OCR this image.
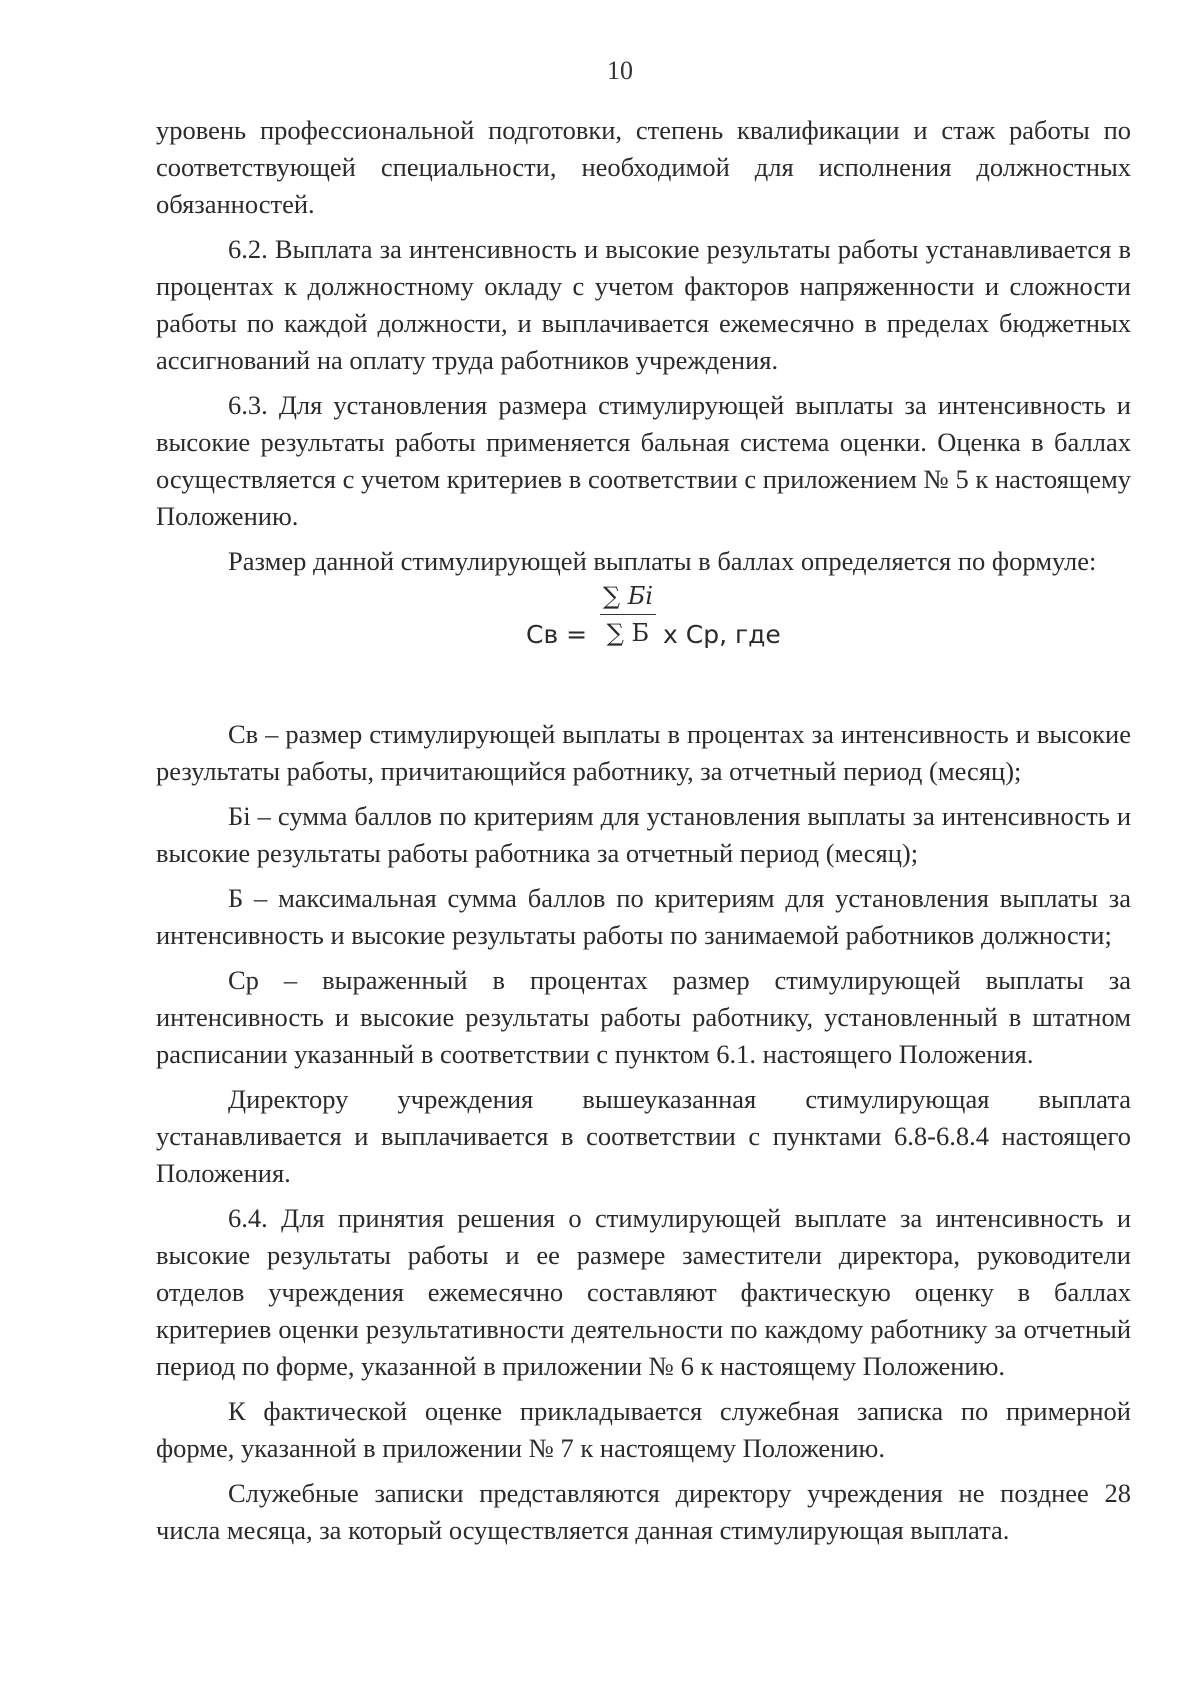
10

уровень профессиональной подготовки, степень квалификации и стаж работы по соответствующей специальности, необходимой для исполнения должностных обязанностей.

6.2. Выплата за интенсивность и высокие результаты работы устанавливается в процентах к должностному окладу с учетом факторов напряженности и сложности работы по каждой должности, и выплачивается ежемесячно в пределах бюджетных ассигнований на оплату труда работников учреждения.

6.3. Для установления размера стимулирующей выплаты за интенсивность и высокие результаты работы применяется бальная система оценки. Оценка в баллах осуществляется с учетом критериев в соответствии с приложением № 5 к настоящему Положению.

Размер данной стимулирующей выплаты в баллах определяется по формуле:

Св =
∑ Бi
∑ Б x Ср, где

Св – размер стимулирующей выплаты в процентах за интенсивность и высокие результаты работы, причитающийся работнику, за отчетный период (месяц);

Бi – сумма баллов по критериям для установления выплаты за интенсивность и высокие результаты работы работника за отчетный период (месяц);

Б – максимальная сумма баллов по критериям для установления выплаты за интенсивность и высокие результаты работы по занимаемой работников должности;

Ср – выраженный в процентах размер стимулирующей выплаты за интенсивность и высокие результаты работы работнику, установленный в штатном расписании указанный в соответствии с пунктом 6.1. настоящего Положения.

Директору учреждения вышеуказанная стимулирующая выплата устанавливается и выплачивается в соответствии с пунктами 6.8-6.8.4 настоящего Положения.

6.4. Для принятия решения о стимулирующей выплате за интенсивность и высокие результаты работы и ее размере заместители директора, руководители отделов учреждения ежемесячно составляют фактическую оценку в баллах критериев оценки результативности деятельности по каждому работнику за отчетный период по форме, указанной в приложении № 6 к настоящему Положению.

К фактической оценке прикладывается служебная записка по примерной форме, указанной в приложении № 7 к настоящему Положению.

Служебные записки представляются директору учреждения не позднее 28 числа месяца, за который осуществляется данная стимулирующая выплата.
